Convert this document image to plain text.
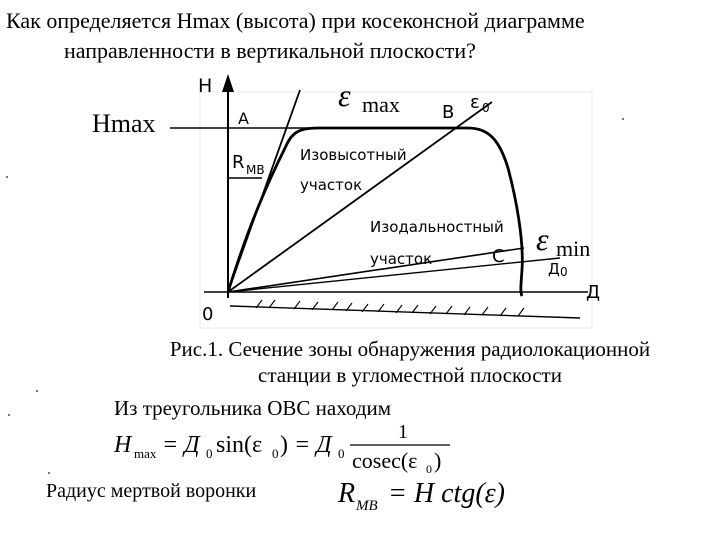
Как определяется Hmax (высота) при косеконсной диаграмме
направленности в вертикальной плоскости?
H
Hmax	A
R MB
ε max B ε 0
Изовысотный
участок
Изодальностный
участок	C ε min
Д 0
Д
0
Рис.1. Сечение зоны обнаружения радиолокационной
станции в угломестной плоскости
Из треугольника ОВС находим
H max = Д 0 sin(ε 0 ) = Д 0
1
cosec(ε 0 )
Радиус мертвой воронки	R MB = H ctg(ε)
